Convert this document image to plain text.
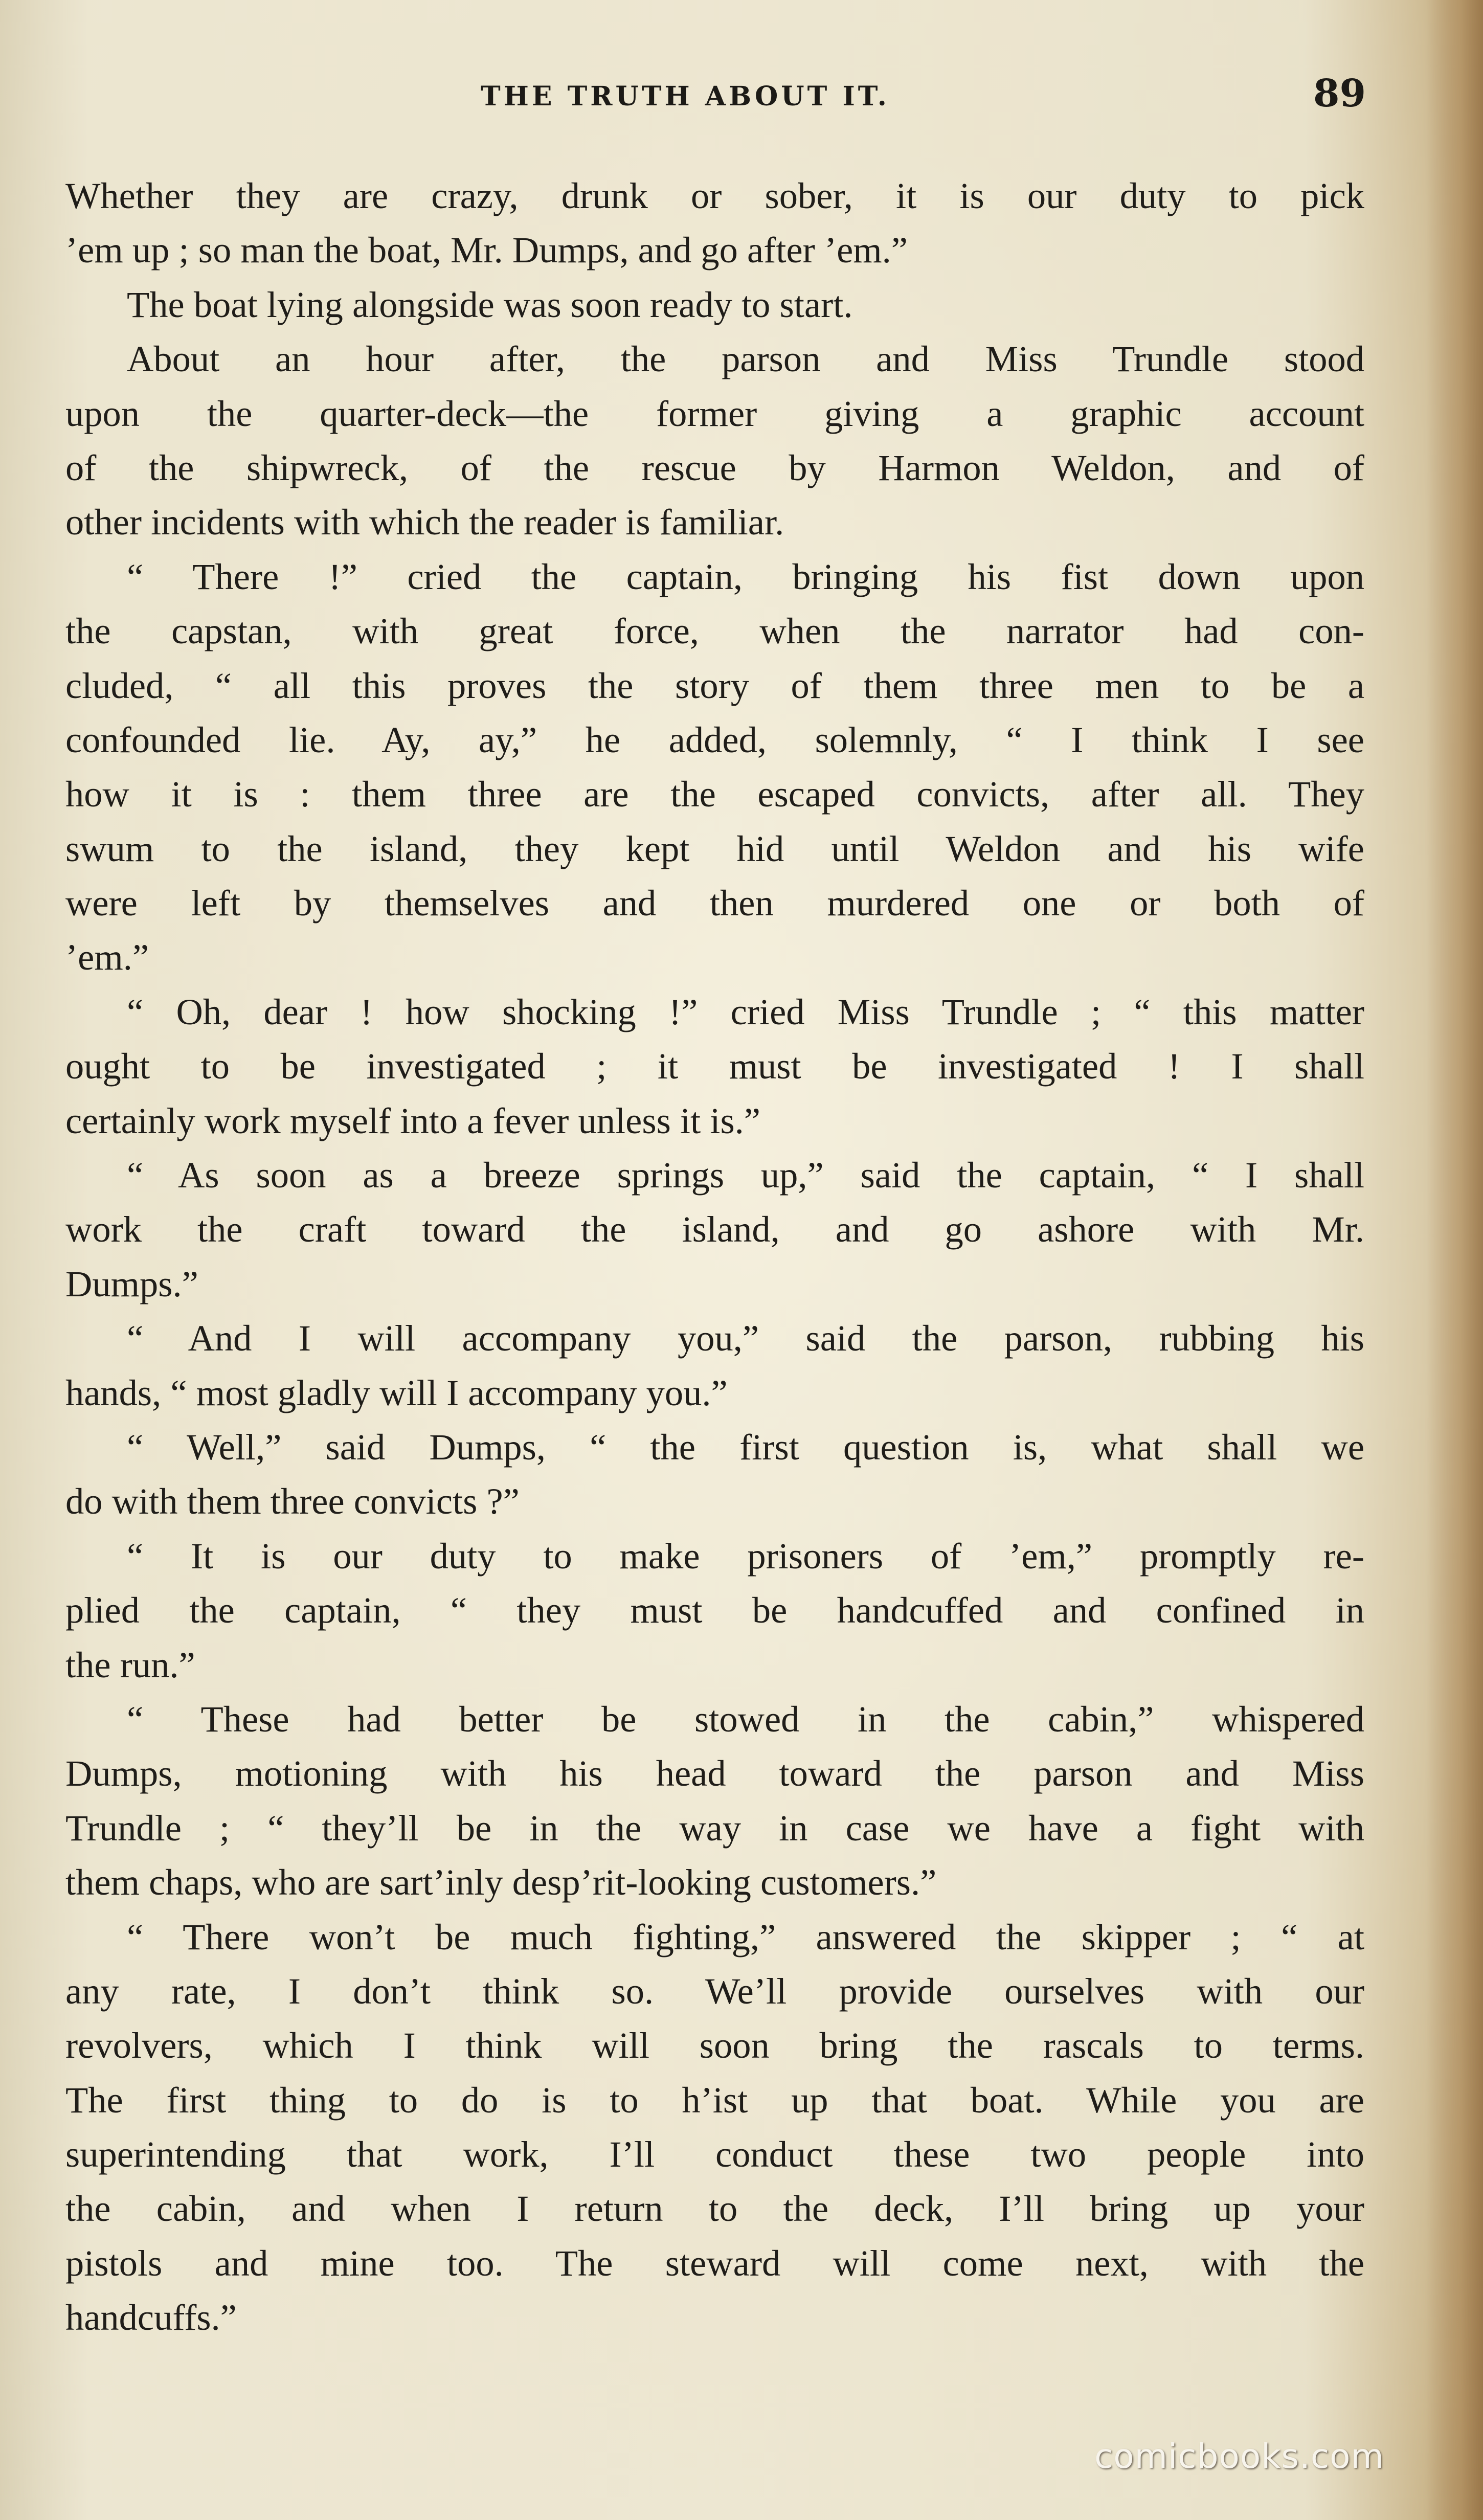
THE TRUTH ABOUT IT.	89
Whether they are crazy, drunk or sober, it is our duty to pick
’em up ; so man the boat, Mr. Dumps, and go after ’em.”
The boat lying alongside was soon ready to start.
About an hour after, the parson and Miss Trundle stood
upon the quarter-deck—the former giving a graphic account
of the shipwreck, of the rescue by Harmon Weldon, and of
other incidents with which the reader is familiar.
“ There !” cried the captain, bringing his fist down upon
the capstan, with great force, when the narrator had con-
cluded, “ all this proves the story of them three men to be a
confounded lie. Ay, ay,” he added, solemnly, “ I think I see
how it is : them three are the escaped convicts, after all. They
swum to the island, they kept hid until Weldon and his wife
were left by themselves and then murdered one or both of
’em.”
“ Oh, dear ! how shocking !” cried Miss Trundle ; “ this matter
ought to be investigated ; it must be investigated ! I shall
certainly work myself into a fever unless it is.”
“ As soon as a breeze springs up,” said the captain, “ I shall
work the craft toward the island, and go ashore with Mr.
Dumps.”
“ And I will accompany you,” said the parson, rubbing his
hands, “ most gladly will I accompany you.”
“ Well,” said Dumps, “ the first question is, what shall we
do with them three convicts ?”
“ It is our duty to make prisoners of ’em,” promptly re-
plied the captain, “ they must be handcuffed and confined in
the run.”
“ These had better be stowed in the cabin,” whispered
Dumps, motioning with his head toward the parson and Miss
Trundle ; “ they’ll be in the way in case we have a fight with
them chaps, who are sart’inly desp’rit-looking customers.”
“ There won’t be much fighting,” answered the skipper ; “ at
any rate, I don’t think so. We’ll provide ourselves with our
revolvers, which I think will soon bring the rascals to terms.
The first thing to do is to h’ist up that boat. While you are
superintending that work, I’ll conduct these two people into
the cabin, and when I return to the deck, I’ll bring up your
pistols and mine too. The steward will come next, with the
handcuffs.”
comicbooks.com
